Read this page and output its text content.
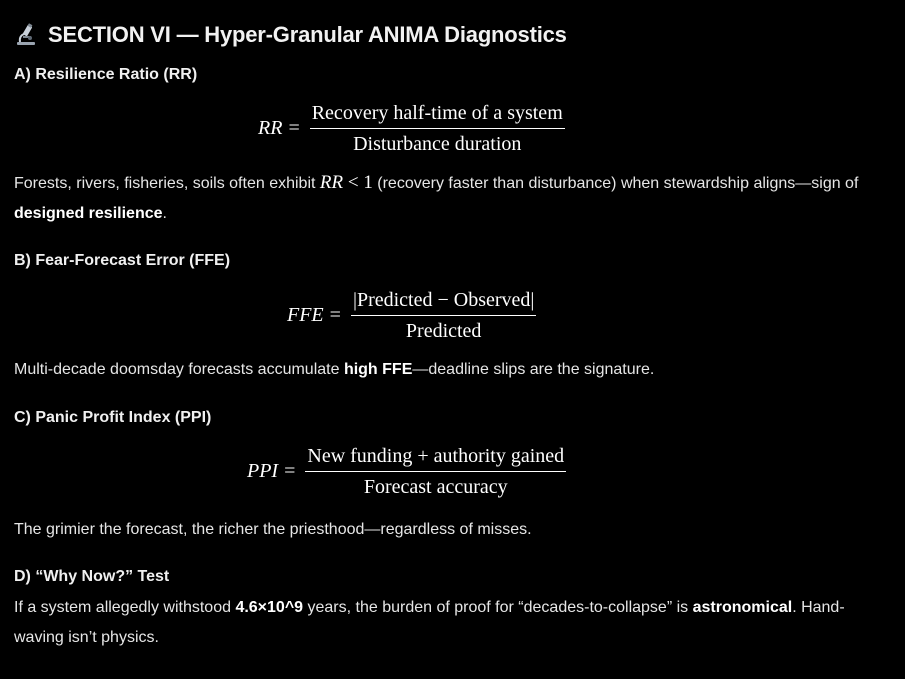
SECTION VI — Hyper-Granular ANIMA Diagnostics
A) Resilience Ratio (RR)
RR = $\frac{\text{Recovery half-time of a system}}{\text{Disturbance duration}}$
Forests, rivers, fisheries, soils often exhibit RR < 1 (recovery faster than disturbance) when stewardship aligns—sign of designed resilience.
B) Fear-Forecast Error (FFE)
FFE = $\frac{\text{|Predicted − Observed|}}{\text{Predicted}}$
Multi-decade doomsday forecasts accumulate high FFE—deadline slips are the signature.
C) Panic Profit Index (PPI)
PPI = $\frac{\text{New funding + authority gained}}{\text{Forecast accuracy}}$
The grimier the forecast, the richer the priesthood—regardless of misses.
D) “Why Now?” Test
If a system allegedly withstood 4.6×10^9 years, the burden of proof for “decades-to-collapse” is astronomical. Hand-waving isn’t physics.
